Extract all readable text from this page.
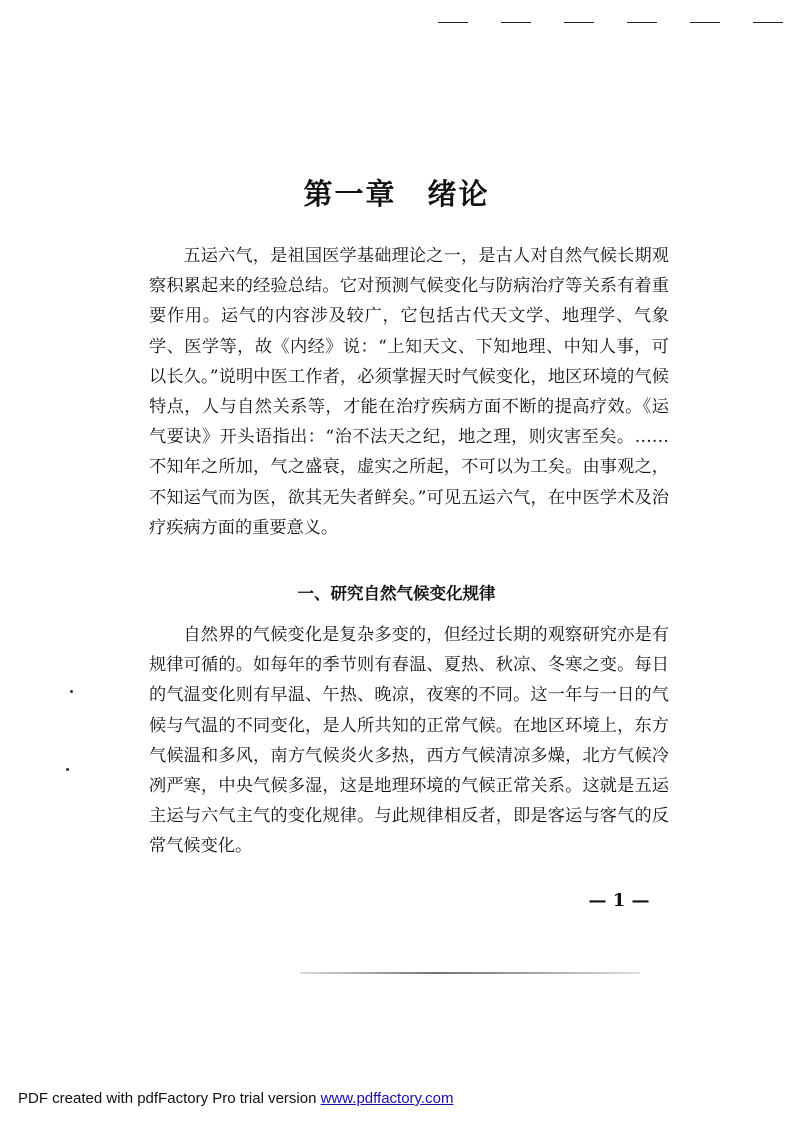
第一章　绪论

五运六气，是祖国医学基础理论之一，是古人对自然气候长期观察积累起来的经验总结。它对预测气候变化与防病治疗等关系有着重要作用。运气的内容涉及较广，它包括古代天文学、地理学、气象学、医学等，故《内经》说：“上知天文、下知地理、中知人事，可以长久。”说明中医工作者，必须掌握天时气候变化，地区环境的气候特点，人与自然关系等，才能在治疗疾病方面不断的提高疗效。《运气要诀》开头语指出：“治不法天之纪，地之理，则灾害至矣。……不知年之所加，气之盛衰，虚实之所起，不可以为工矣。由事观之，不知运气而为医，欲其无失者鲜矣。”可见五运六气，在中医学术及治疗疾病方面的重要意义。

一、研究自然气候变化规律

自然界的气候变化是复杂多变的，但经过长期的观察研究亦是有规律可循的。如每年的季节则有春温、夏热、秋凉、冬寒之变。每日的气温变化则有早温、午热、晚凉，夜寒的不同。这一年与一日的气候与气温的不同变化，是人所共知的正常气候。在地区环境上，东方气候温和多风，南方气候炎火多热，西方气候清凉多燥，北方气候冷冽严寒，中央气候多湿，这是地理环境的气候正常关系。这就是五运主运与六气主气的变化规律。与此规律相反者，即是客运与客气的反常气候变化。

— 1 —
PDF created with pdfFactory Pro trial version www.pdffactory.com
